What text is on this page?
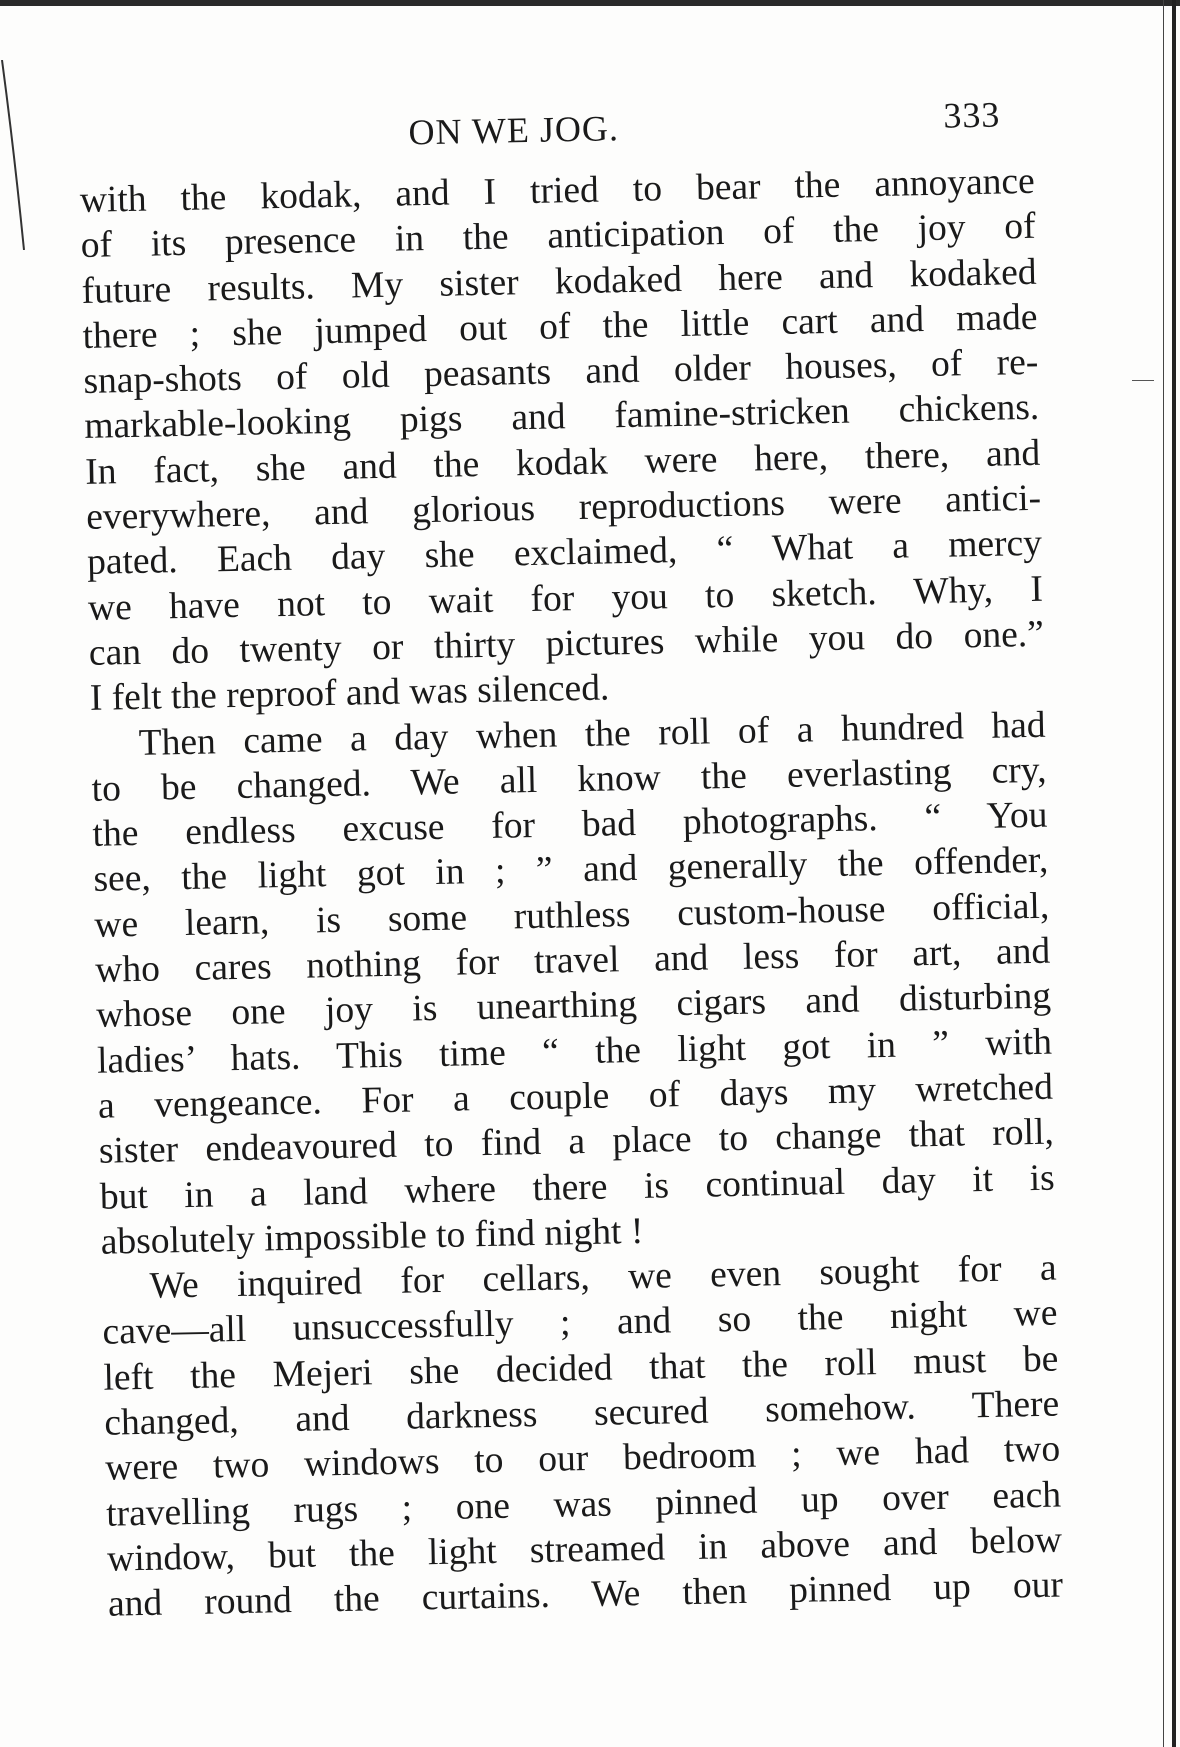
ON WE JOG.	333
with the kodak, and I tried to bear the annoyance
of its presence in the anticipation of the joy of
future results. My sister kodaked here and kodaked
there ; she jumped out of the little cart and made
snap-shots of old peasants and older houses, of re-
markable-looking pigs and famine-stricken chickens.
In fact, she and the kodak were here, there, and
everywhere, and glorious reproductions were antici-
pated. Each day she exclaimed, “ What a mercy
we have not to wait for you to sketch. Why, I
can do twenty or thirty pictures while you do one.”
I felt the reproof and was silenced.
Then came a day when the roll of a hundred had
to be changed. We all know the everlasting cry,
the endless excuse for bad photographs. “ You
see, the light got in ; ” and generally the offender,
we learn, is some ruthless custom-house official,
who cares nothing for travel and less for art, and
whose one joy is unearthing cigars and disturbing
ladies’ hats. This time “ the light got in ” with
a vengeance. For a couple of days my wretched
sister endeavoured to find a place to change that roll,
but in a land where there is continual day it is
absolutely impossible to find night !
We inquired for cellars, we even sought for a
cave—all unsuccessfully ; and so the night we
left the Mejeri she decided that the roll must be
changed, and darkness secured somehow. There
were two windows to our bedroom ; we had two
travelling rugs ; one was pinned up over each
window, but the light streamed in above and below
and round the curtains. We then pinned up our
